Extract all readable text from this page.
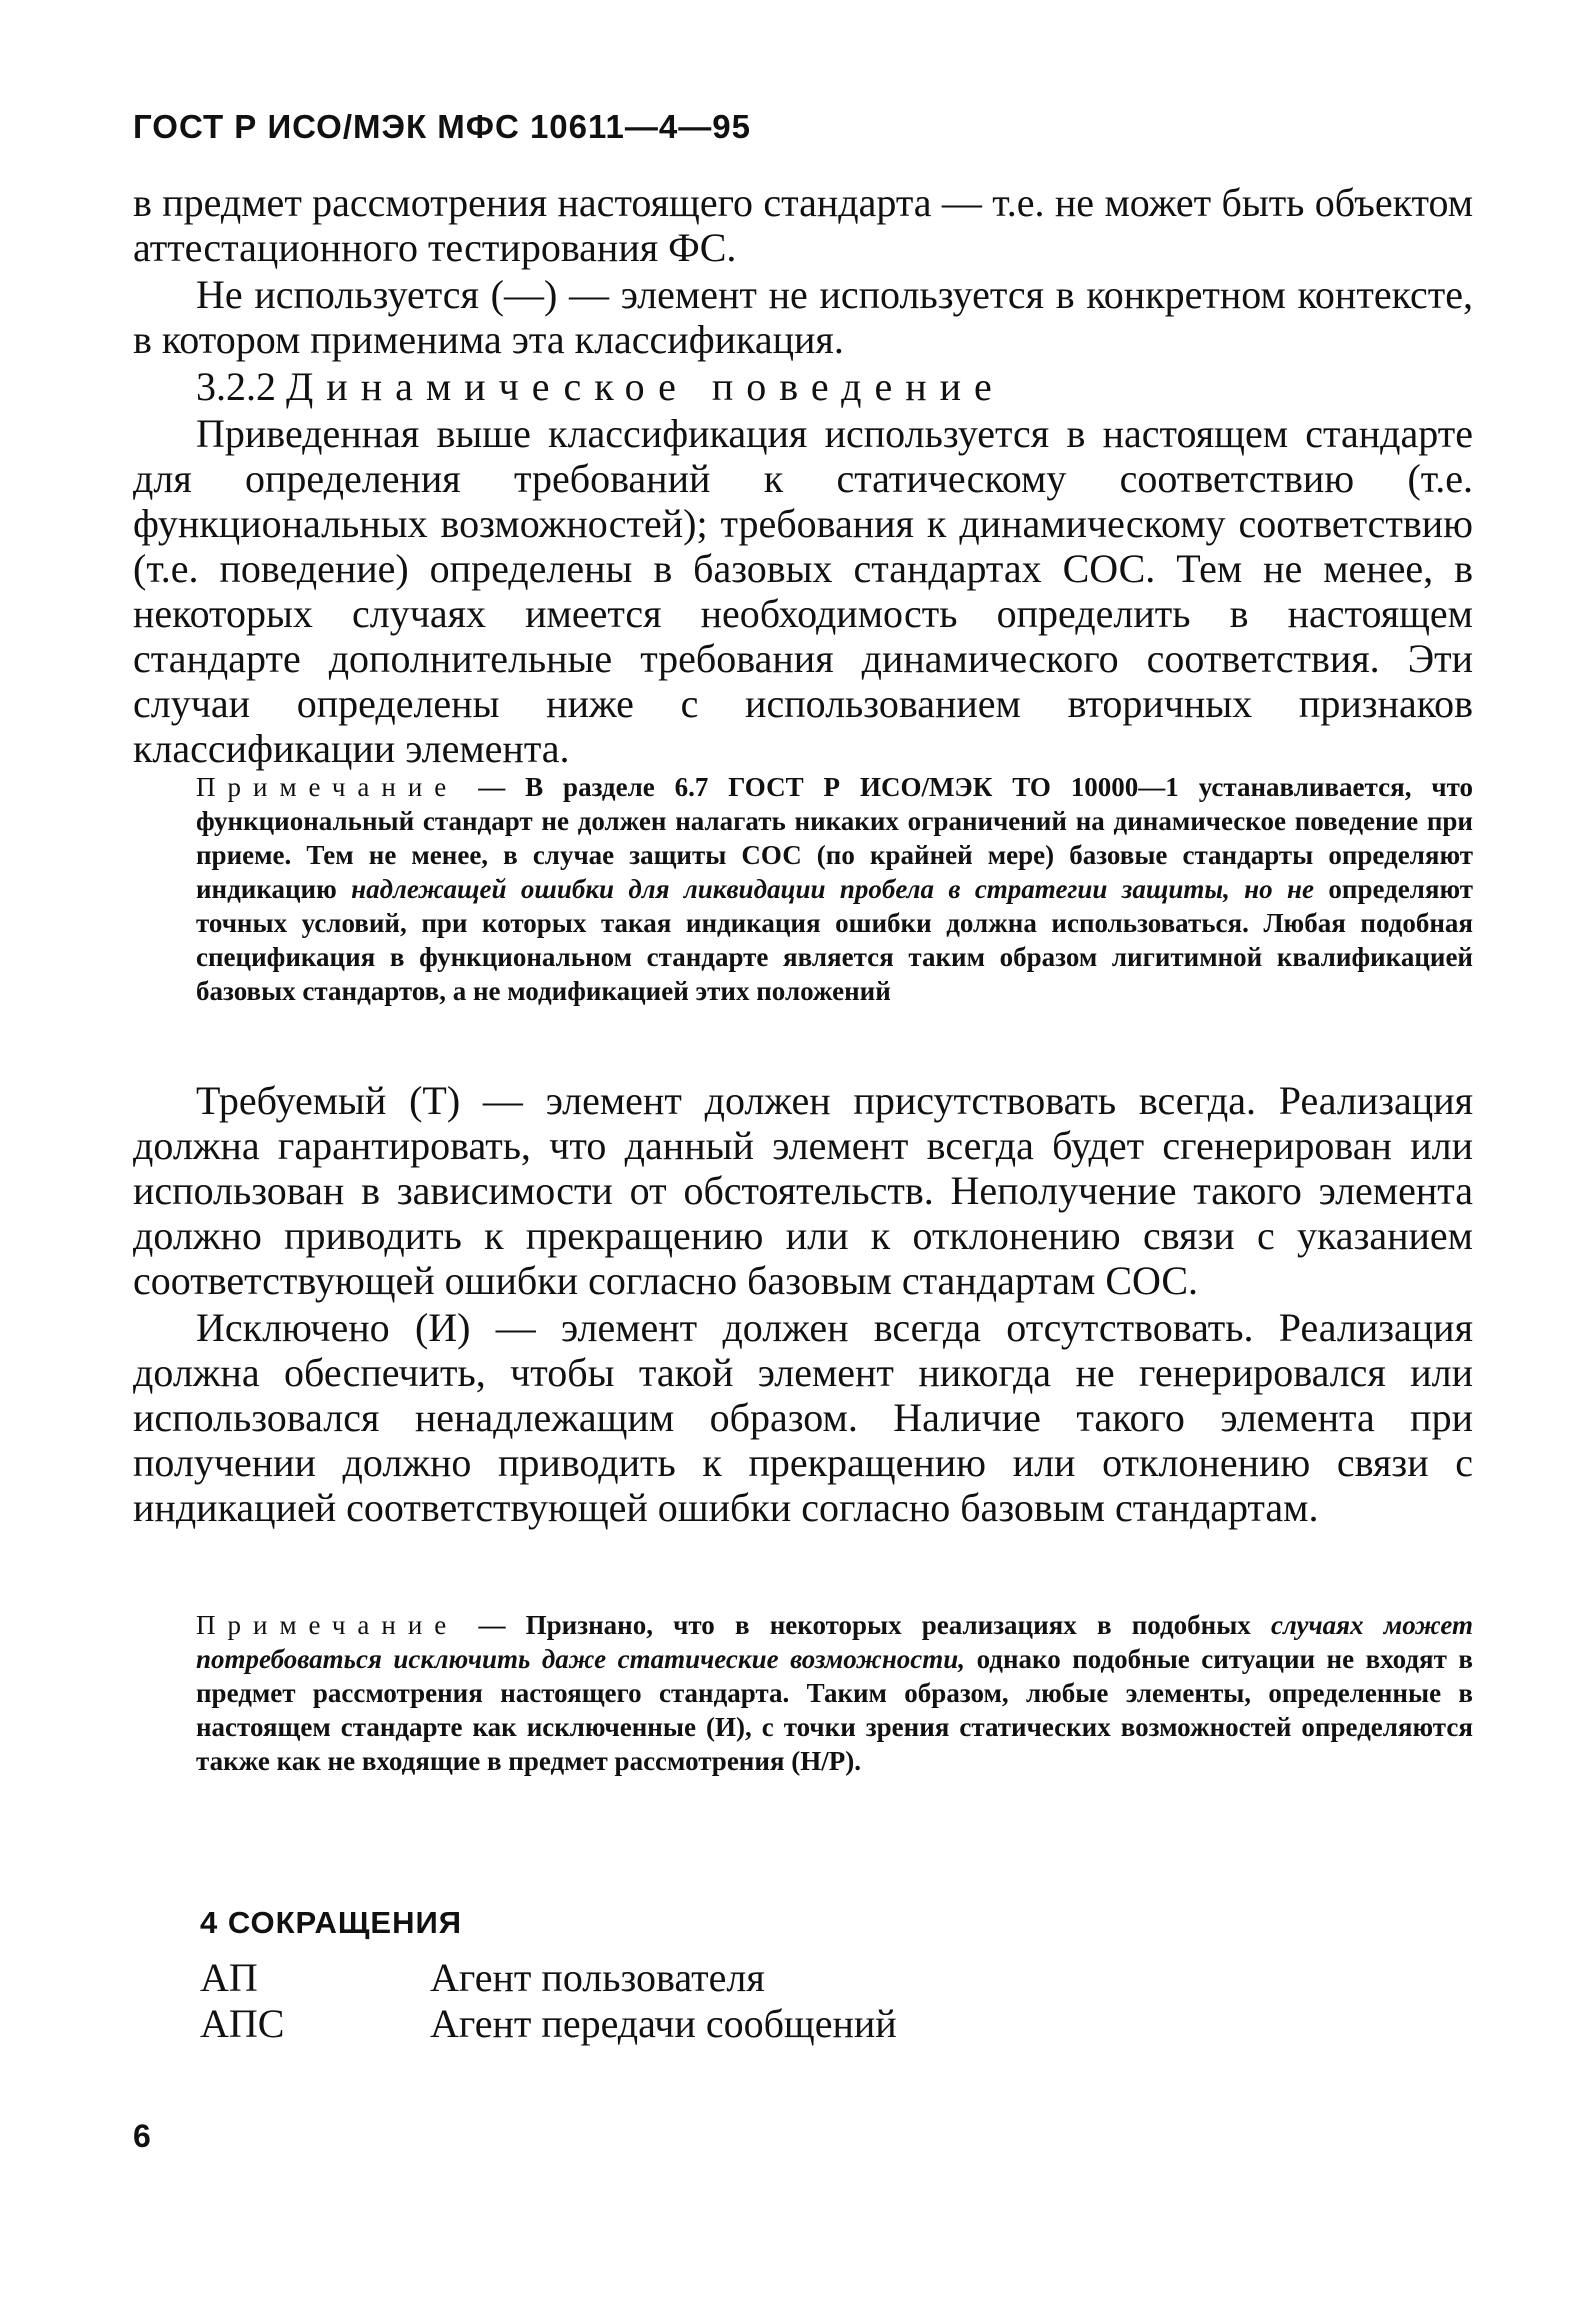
ГОСТ Р ИСО/МЭК МФС 10611—4—95

в предмет рассмотрения настоящего стандарта — т.е. не может быть объектом аттестационного тестирования ФС.

Не используется (—) — элемент не используется в конкретном контексте, в котором применима эта классификация.

3.2.2 Динамическое поведение

Приведенная выше классификация используется в настоящем стандарте для определения требований к статическому соответствию (т.е. функциональных возможностей); требования к динамическому соответствию (т.е. поведение) определены в базовых стандартах СОС. Тем не менее, в некоторых случаях имеется необходимость определить в настоящем стандарте дополнительные требования динамического соответствия. Эти случаи определены ниже с использованием вторичных признаков классификации элемента.

Примечание — В разделе 6.7 ГОСТ Р ИСО/МЭК ТО 10000—1 устанавливается, что функциональный стандарт не должен налагать никаких ограничений на динамическое поведение при приеме. Тем не менее, в случае защиты СОС (по крайней мере) базовые стандарты определяют индикацию надлежащей ошибки для ликвидации пробела в стратегии защиты, но не определяют точных условий, при которых такая индикация ошибки должна использоваться. Любая подобная спецификация в функциональном стандарте является таким образом лигитимной квалификацией базовых стандартов, а не модификацией этих положений

Требуемый (Т) — элемент должен присутствовать всегда. Реализация должна гарантировать, что данный элемент всегда будет сгенерирован или использован в зависимости от обстоятельств. Неполучение такого элемента должно приводить к прекращению или к отклонению связи с указанием соответствующей ошибки согласно базовым стандартам СОС.

Исключено (И) — элемент должен всегда отсутствовать. Реализация должна обеспечить, чтобы такой элемент никогда не генерировался или использовался ненадлежащим образом. Наличие такого элемента при получении должно приводить к прекращению или отклонению связи с индикацией соответствующей ошибки согласно базовым стандартам.

Примечание — Признано, что в некоторых реализациях в подобных случаях может потребоваться исключить даже статические возможности, однако подобные ситуации не входят в предмет рассмотрения настоящего стандарта. Таким образом, любые элементы, определенные в настоящем стандарте как исключенные (И), с точки зрения статических возможностей определяются также как не входящие в предмет рассмотрения (Н/Р).
4 СОКРАЩЕНИЯ
АП	Агент пользователя
АПС	Агент передачи сообщений
6
